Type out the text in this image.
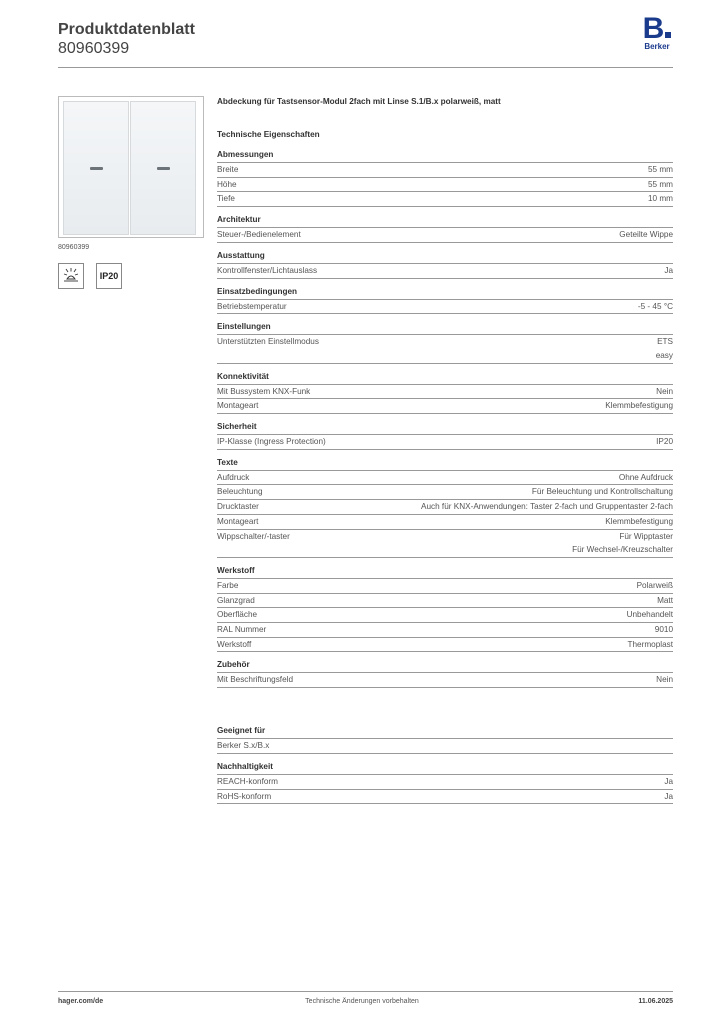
Produktdatenblatt
80960399
B
Berker
80960399
IP20
Abdeckung für Tastsensor-Modul 2fach mit Linse S.1/B.x polarweiß, matt
Technische Eigenschaften
Abmessungen
Breite	55 mm
Höhe	55 mm
Tiefe	10 mm
Architektur
Steuer-/Bedienelement	Geteilte Wippe
Ausstattung
Kontrollfenster/Lichtauslass	Ja
Einsatzbedingungen
Betriebstemperatur	-5 - 45 °C
Einstellungen
Unterstützten Einstellmodus	ETS
easy
Konnektivität
Mit Bussystem KNX-Funk	Nein
Montageart	Klemmbefestigung
Sicherheit
IP-Klasse (Ingress Protection)	IP20
Texte
Aufdruck	Ohne Aufdruck
Beleuchtung	Für Beleuchtung und Kontrollschaltung
Drucktaster	Auch für KNX-Anwendungen: Taster 2-fach und Gruppentaster 2-fach
Montageart	Klemmbefestigung
Wippschalter/-taster	Für Wipptaster
Für Wechsel-/Kreuzschalter
Werkstoff
Farbe	Polarweiß
Glanzgrad	Matt
Oberfläche	Unbehandelt
RAL Nummer	9010
Werkstoff	Thermoplast
Zubehör
Mit Beschriftungsfeld	Nein
Geeignet für
Berker S.x/B.x
Nachhaltigkeit
REACH-konform	Ja
RoHS-konform	Ja
hager.com/de	Technische Änderungen vorbehalten	11.06.2025
